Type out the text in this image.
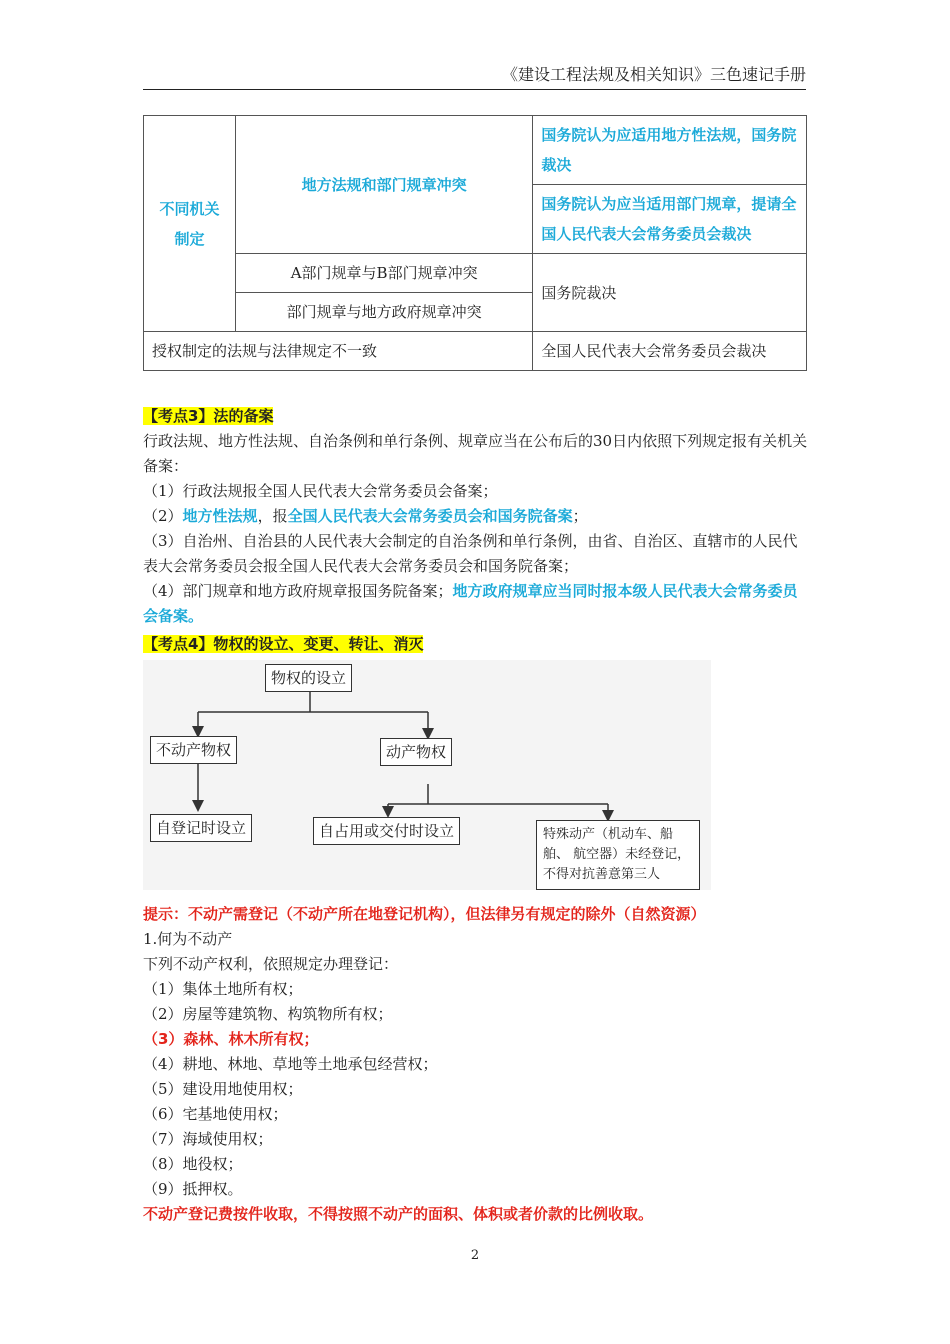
《建设工程法规及相关知识》三色速记手册
不同机关制定	地方法规和部门规章冲突	国务院认为应适用地方性法规，国务院裁决
		国务院认为应当适用部门规章，提请全国人民代表大会常务委员会裁决
	A部门规章与B部门规章冲突	国务院裁决
	部门规章与地方政府规章冲突	
授权制定的法规与法律规定不一致		全国人民代表大会常务委员会裁决

【考点3】法的备案

行政法规、地方性法规、自治条例和单行条例、规章应当在公布后的30日内依照下列规定报有关机关备案：

（1）行政法规报全国人民代表大会常务委员会备案；

（2）地方性法规，报全国人民代表大会常务委员会和国务院备案；

（3）自治州、自治县的人民代表大会制定的自治条例和单行条例，由省、自治区、直辖市的人民代表大会常务委员会报全国人民代表大会常务委员会和国务院备案；

（4）部门规章和地方政府规章报国务院备案；地方政府规章应当同时报本级人民代表大会常务委员会备案。

【考点4】物权的设立、变更、转让、消灭

物权的设立
不动产物权	动产物权
自登记时设立	自占用或交付时设立	特殊动产（机动车、船舶、 航空器）未经登记，不得对抗善意第三人

提示：不动产需登记（不动产所在地登记机构），但法律另有规定的除外（自然资源）

1.何为不动产

下列不动产权利，依照规定办理登记：

（1）集体土地所有权；

（2）房屋等建筑物、构筑物所有权；

（3）森林、林木所有权；

（4）耕地、林地、草地等土地承包经营权；

（5）建设用地使用权；

（6）宅基地使用权；

（7）海域使用权；

（8）地役权；

（9）抵押权。

不动产登记费按件收取，不得按照不动产的面积、体积或者价款的比例收取。

2
